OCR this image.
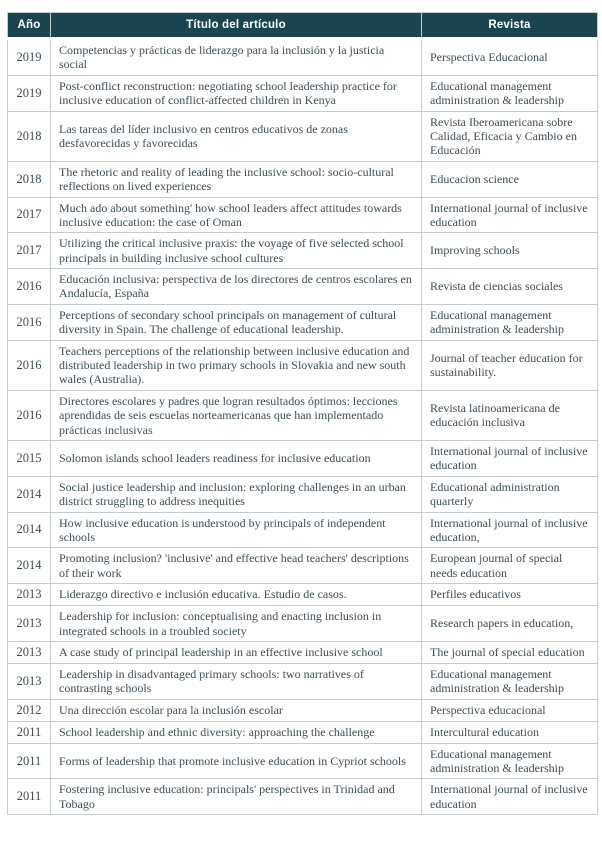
Año	Título del artículo	Revista
2019	Competencias y prácticas de liderazgo para la inclusión y la justicia social	Perspectiva Educacional
2019	Post-conflict reconstruction: negotiating school leadership practice for inclusive education of conflict-affected children in Kenya	Educational management administration & leadership
2018	Las tareas del líder inclusivo en centros educativos de zonas desfavorecidas y favorecidas	Revista Iberoamericana sobre Calidad, Eficacia y Cambio en Educación
2018	The rhetoric and reality of leading the inclusive school: socio-cultural reflections on lived experiences	Educacion science
2017	Much ado about something' how school leaders affect attitudes towards inclusive education: the case of Oman	International journal of inclusive education
2017	Utilizing the critical inclusive praxis: the voyage of five selected school principals in building inclusive school cultures	Improving schools
2016	Educación inclusiva: perspectiva de los directores de centros escolares en Andalucía, España	Revista de ciencias sociales
2016	Perceptions of secondary school principals on management of cultural diversity in Spain. The challenge of educational leadership.	Educational management administration & leadership
2016	Teachers perceptions of the relationship between inclusive education and distributed leadership in two primary schools in Slovakia and new south wales (Australia).	Journal of teacher education for sustainability.
2016	Directores escolares y padres que logran resultados óptimos: lecciones aprendidas de seis escuelas norteamericanas que han implementado prácticas inclusivas	Revista latinoamericana de educación inclusiva
2015	Solomon islands school leaders readiness for inclusive education	International journal of inclusive education
2014	Social justice leadership and inclusion: exploring challenges in an urban district struggling to address inequities	Educational administration quarterly
2014	How inclusive education is understood by principals of independent schools	International journal of inclusive education,
2014	Promoting inclusion? 'inclusive' and effective head teachers' descriptions of their work	European journal of special needs education
2013	Liderazgo directivo e inclusión educativa. Estudio de casos.	Perfiles educativos
2013	Leadership for inclusion: conceptualising and enacting inclusion in integrated schools in a troubled society	Research papers in education,
2013	A case study of principal leadership in an effective inclusive school	The journal of special education
2013	Leadership in disadvantaged primary schools: two narratives of contrasting schools	Educational management administration & leadership
2012	Una dirección escolar para la inclusión escolar	Perspectiva educacional
2011	School leadership and ethnic diversity: approaching the challenge	Intercultural education
2011	Forms of leadership that promote inclusive education in Cypriot schools	Educational management administration & leadership
2011	Fostering inclusive education: principals' perspectives in Trinidad and Tobago	International journal of inclusive education
